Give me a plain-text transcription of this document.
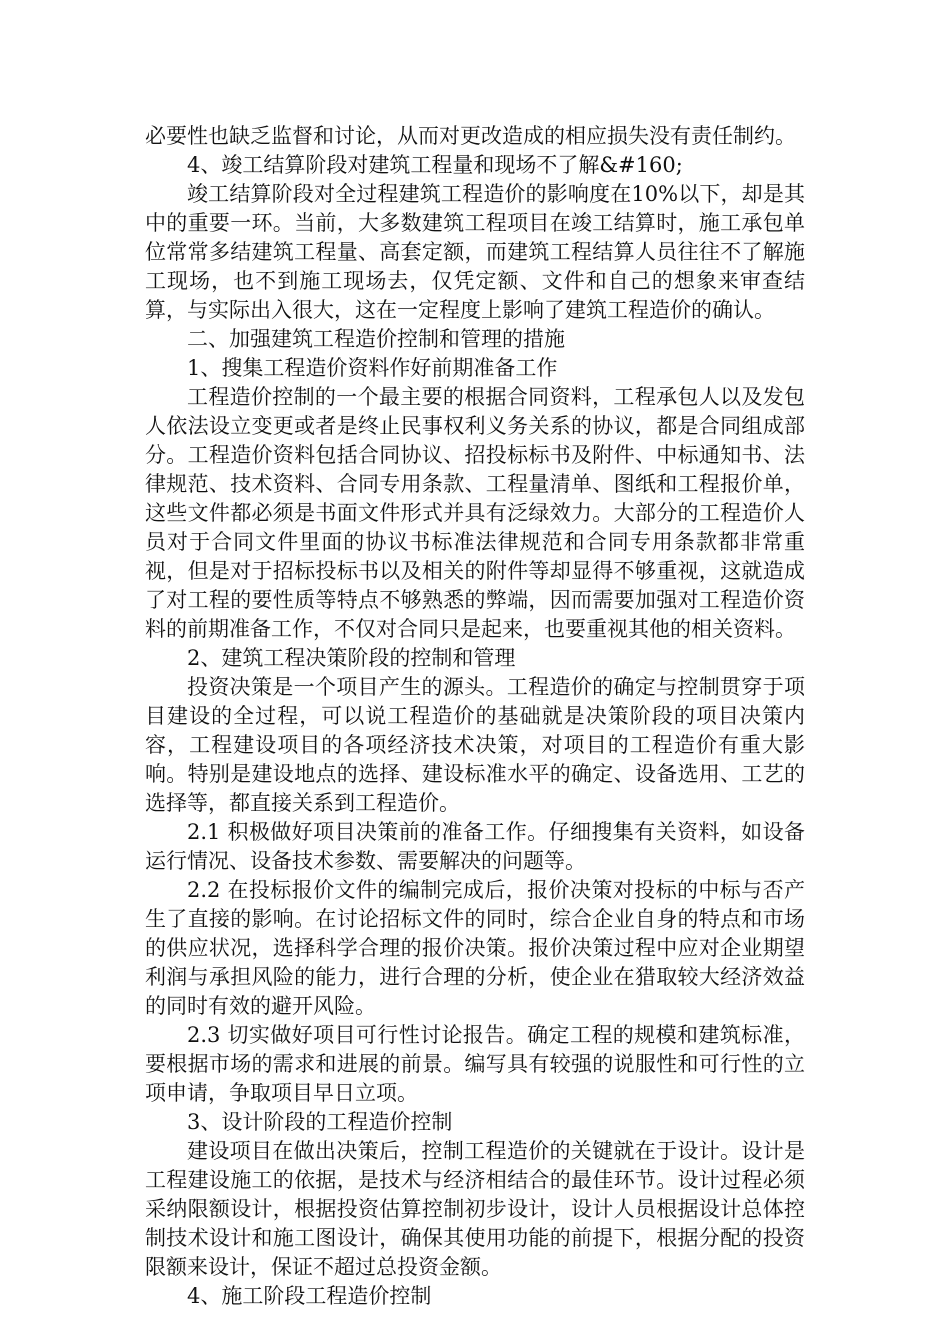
必要性也缺乏监督和讨论，从而对更改造成的相应损失没有责任制约。

4、竣工结算阶段对建筑工程量和现场不了解&#160;

竣工结算阶段对全过程建筑工程造价的影响度在10%以下，却是其中的重要一环。当前，大多数建筑工程项目在竣工结算时，施工承包单位常常多结建筑工程量、高套定额，而建筑工程结算人员往往不了解施工现场，也不到施工现场去，仅凭定额、文件和自己的想象来审查结算，与实际出入很大，这在一定程度上影响了建筑工程造价的确认。

二、加强建筑工程造价控制和管理的措施

1、搜集工程造价资料作好前期准备工作

工程造价控制的一个最主要的根据合同资料，工程承包人以及发包人依法设立变更或者是终止民事权利义务关系的协议，都是合同组成部分。工程造价资料包括合同协议、招投标标书及附件、中标通知书、法律规范、技术资料、合同专用条款、工程量清单、图纸和工程报价单，这些文件都必须是书面文件形式并具有泛绿效力。大部分的工程造价人员对于合同文件里面的协议书标准法律规范和合同专用条款都非常重视，但是对于招标投标书以及相关的附件等却显得不够重视，这就造成了对工程的要性质等特点不够熟悉的弊端，因而需要加强对工程造价资料的前期准备工作，不仅对合同只是起来，也要重视其他的相关资料。

2、建筑工程决策阶段的控制和管理

投资决策是一个项目产生的源头。工程造价的确定与控制贯穿于项目建设的全过程，可以说工程造价的基础就是决策阶段的项目决策内容，工程建设项目的各项经济技术决策，对项目的工程造价有重大影响。特别是建设地点的选择、建设标准水平的确定、设备选用、工艺的选择等，都直接关系到工程造价。

2.1 积极做好项目决策前的准备工作。仔细搜集有关资料，如设备运行情况、设备技术参数、需要解决的问题等。

2.2 在投标报价文件的编制完成后，报价决策对投标的中标与否产生了直接的影响。在讨论招标文件的同时，综合企业自身的特点和市场的供应状况，选择科学合理的报价决策。报价决策过程中应对企业期望利润与承担风险的能力，进行合理的分析，使企业在猎取较大经济效益的同时有效的避开风险。

2.3 切实做好项目可行性讨论报告。确定工程的规模和建筑标准，要根据市场的需求和进展的前景。编写具有较强的说服性和可行性的立项申请，争取项目早日立项。

3、设计阶段的工程造价控制

建设项目在做出决策后，控制工程造价的关键就在于设计。设计是工程建设施工的依据，是技术与经济相结合的最佳环节。设计过程必须采纳限额设计，根据投资估算控制初步设计，设计人员根据设计总体控制技术设计和施工图设计，确保其使用功能的前提下，根据分配的投资限额来设计，保证不超过总投资金额。

4、施工阶段工程造价控制
